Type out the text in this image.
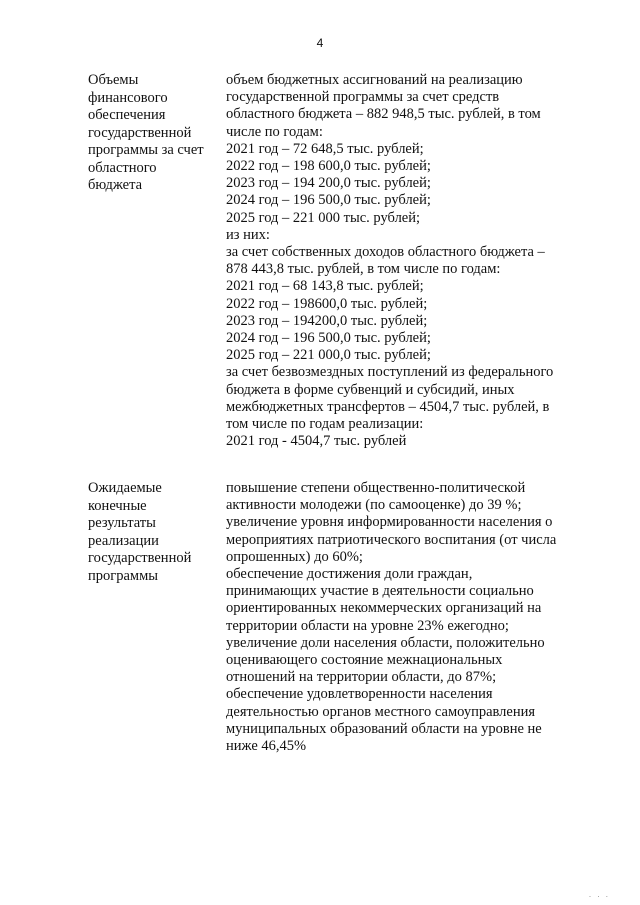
4
Объемы
финансового
обеспечения
государственной
программы за счет
областного
бюджета
объем бюджетных ассигнований на реализацию
государственной программы за счет средств
областного бюджета – 882 948,5 тыс. рублей, в том
числе по годам:
2021 год – 72 648,5 тыс. рублей;
2022 год – 198 600,0 тыс. рублей;
2023 год – 194 200,0 тыс. рублей;
2024 год – 196 500,0 тыс. рублей;
2025 год – 221 000 тыс. рублей;
из них:
за счет собственных доходов областного бюджета –
878 443,8 тыс. рублей, в том числе по годам:
2021 год – 68 143,8 тыс. рублей;
2022 год – 198600,0 тыс. рублей;
2023 год – 194200,0 тыс. рублей;
2024 год – 196 500,0 тыс. рублей;
2025 год – 221 000,0 тыс. рублей;
за счет безвозмездных поступлений из федерального
бюджета в форме субвенций и субсидий, иных
межбюджетных трансфертов – 4504,7 тыс. рублей, в
том числе по годам реализации:
2021 год - 4504,7 тыс. рублей
Ожидаемые
конечные
результаты
реализации
государственной
программы
повышение степени общественно-политической
активности молодежи (по самооценке) до 39 %;
увеличение уровня информированности населения о
мероприятиях патриотического воспитания (от числа
опрошенных) до 60%;
обеспечение достижения доли граждан,
принимающих участие в деятельности социально
ориентированных некоммерческих организаций на
территории области на уровне 23% ежегодно;
увеличение доли населения области, положительно
оценивающего состояние межнациональных
отношений на территории области, до 87%;
обеспечение удовлетворенности населения
деятельностью органов местного самоуправления
муниципальных образований области на уровне не
ниже 46,45%
· · ·
